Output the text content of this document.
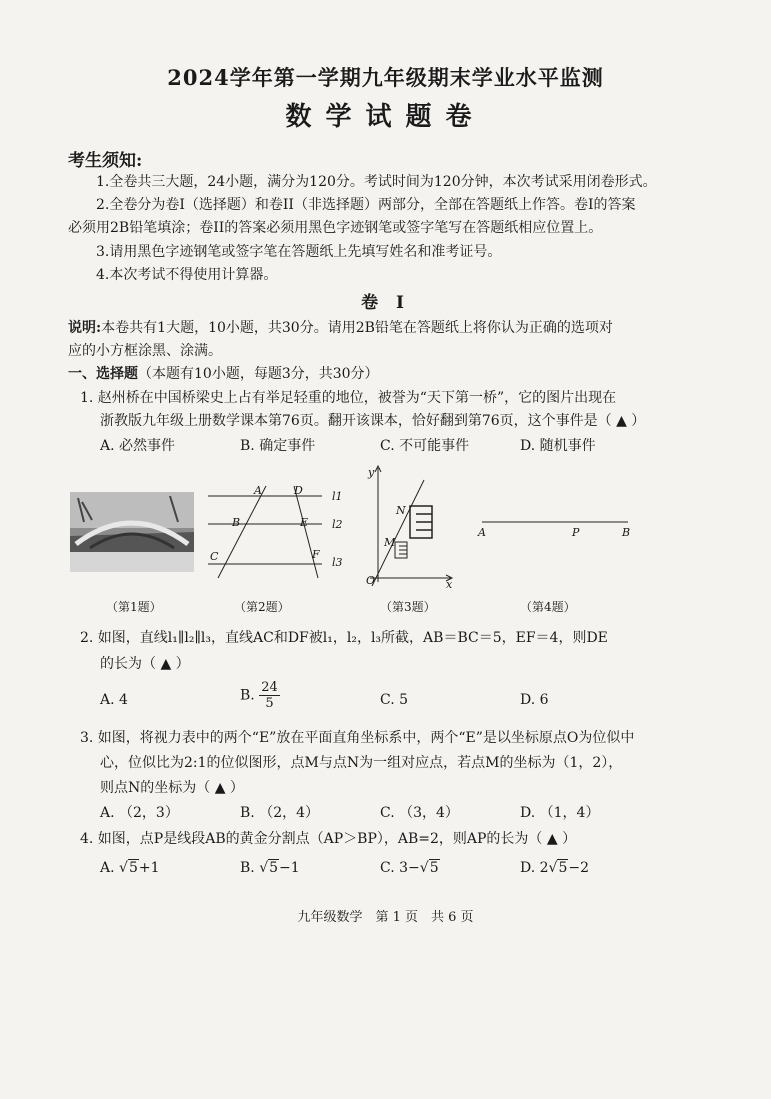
2024学年第一学期九年级期末学业水平监测
数学试题卷
考生须知:
1.全卷共三大题，24小题，满分为120分。考试时间为120分钟，本次考试采用闭卷形式。
2.全卷分为卷I（选择题）和卷II（非选择题）两部分，全部在答题纸上作答。卷I的答案
必须用2B铅笔填涂；卷II的答案必须用黑色字迹钢笔或签字笔写在答题纸相应位置上。
3.请用黑色字迹钢笔或签字笔在答题纸上先填写姓名和准考证号。
4.本次考试不得使用计算器。
卷 I
说明:本卷共有1大题，10小题，共30分。请用2B铅笔在答题纸上将你认为正确的选项对
应的小方框涂黑、涂满。
一、选择题（本题有10小题，每题3分，共30分）
1. 赵州桥在中国桥梁史上占有举足轻重的地位，被誉为“天下第一桥”，它的图片出现在
浙教版九年级上册数学课本第76页。翻开该课本，恰好翻到第76页，这个事件是（ ▲ ）
A. 必然事件	B. 确定事件	C. 不可能事件	D. 随机事件
A	D	l1
B	E l2
C	F
l3
y
N
M
O	x
A	P	B
（第1题）	（第2题）	（第3题）	（第4题）
2. 如图，直线l₁∥l₂∥l₃，直线AC和DF被l₁，l₂，l₃所截，AB＝BC＝5，EF＝4，则DE
的长为（ ▲ ）
A. 4	B. $\frac{24}{5}$	C. 5	D. 6
3. 如图，将视力表中的两个“E”放在平面直角坐标系中，两个“E”是以坐标原点O为位似中
心，位似比为2:1的位似图形，点M与点N为一组对应点，若点M的坐标为（1，2），
则点N的坐标为（ ▲ ）
A. （2，3）	B. （2，4）	C. （3，4）	D. （1，4）
4. 如图，点P是线段AB的黄金分割点（AP＞BP），AB=2，则AP的长为（ ▲ ）
A. √5+1	B. √5−1	C. 3−√5	D. 2√5−2
九年级数学　第 1 页　共 6 页
